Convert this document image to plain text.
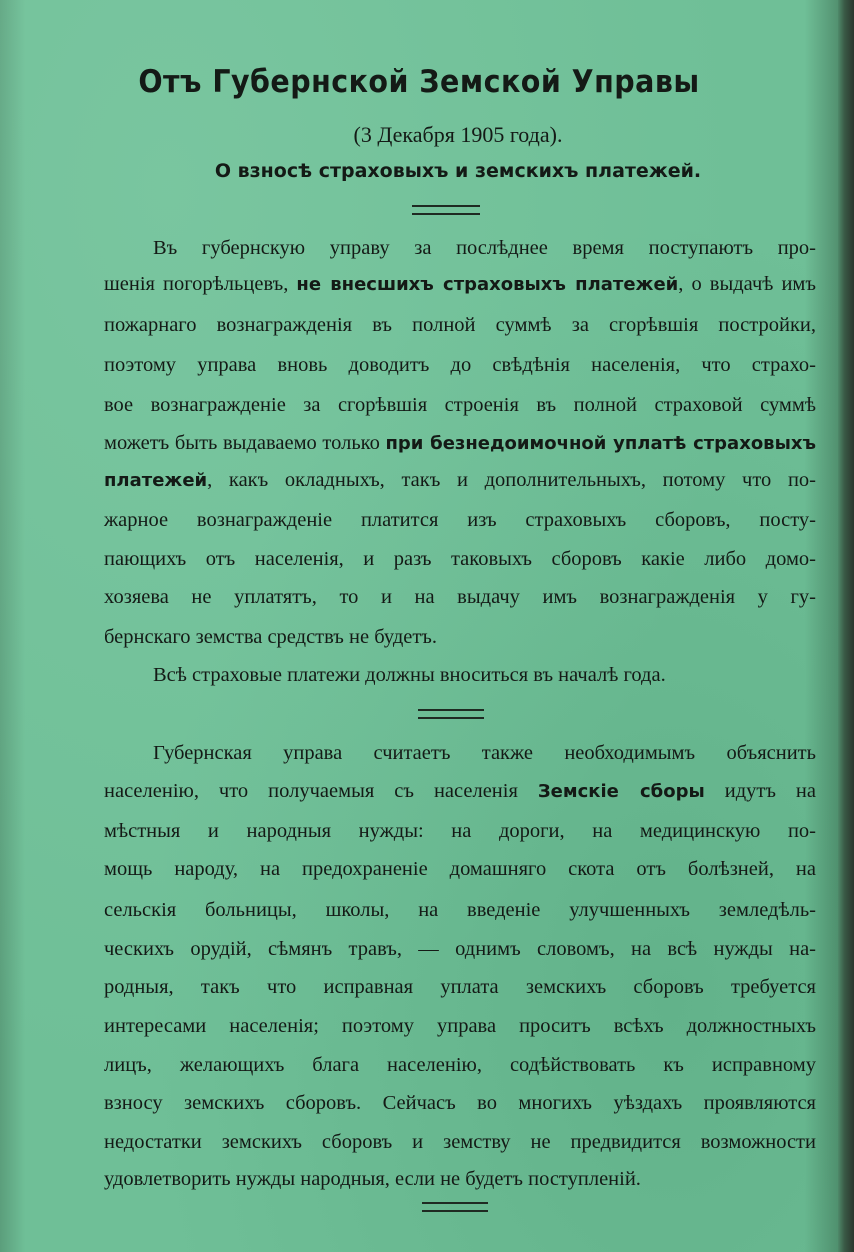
Отъ Губернской Земской Управы
(3 Декабря 1905 года).
О взносѣ страховыхъ и земскихъ платежей.
Въ губернскую управу за послѣднее время поступаютъ про-
шенія погорѣльцевъ, не внесшихъ страховыхъ платежей, о выдачѣ имъ
пожарнаго вознагражденія въ полной суммѣ за сгорѣвшія постройки,
поэтому управа вновь доводитъ до свѣдѣнія населенія, что страхо-
вое вознагражденіе за сгорѣвшія строенія въ полной страховой суммѣ
можетъ быть выдаваемо только при безнедоимочной уплатѣ страховыхъ
платежей, какъ окладныхъ, такъ и дополнительныхъ, потому что по-
жарное вознагражденіе платится изъ страховыхъ сборовъ, посту-
пающихъ отъ населенія, и разъ таковыхъ сборовъ какіе либо домо-
хозяева не уплатятъ, то и на выдачу имъ вознагражденія у гу-
бернскаго земства средствъ не будетъ.
Всѣ страховые платежи должны вноситься въ началѣ года.
Губернская управа считаетъ также необходимымъ объяснить
населенію, что получаемыя съ населенія Земскіе сборы идутъ на
мѣстныя и народныя нужды: на дороги, на медицинскую по-
мощь народу, на предохраненіе домашняго скота отъ болѣзней, на
сельскія больницы, школы, на введеніе улучшенныхъ земледѣль-
ческихъ орудій, сѣмянъ травъ, — однимъ словомъ, на всѣ нужды на-
родныя, такъ что исправная уплата земскихъ сборовъ требуется
интересами населенія; поэтому управа проситъ всѣхъ должностныхъ
лицъ, желающихъ блага населенію, содѣйствовать къ исправному
взносу земскихъ сборовъ. Сейчасъ во многихъ уѣздахъ проявляются
недостатки земскихъ сборовъ и земству не предвидится возможности
удовлетворить нужды народныя, если не будетъ поступленій.
